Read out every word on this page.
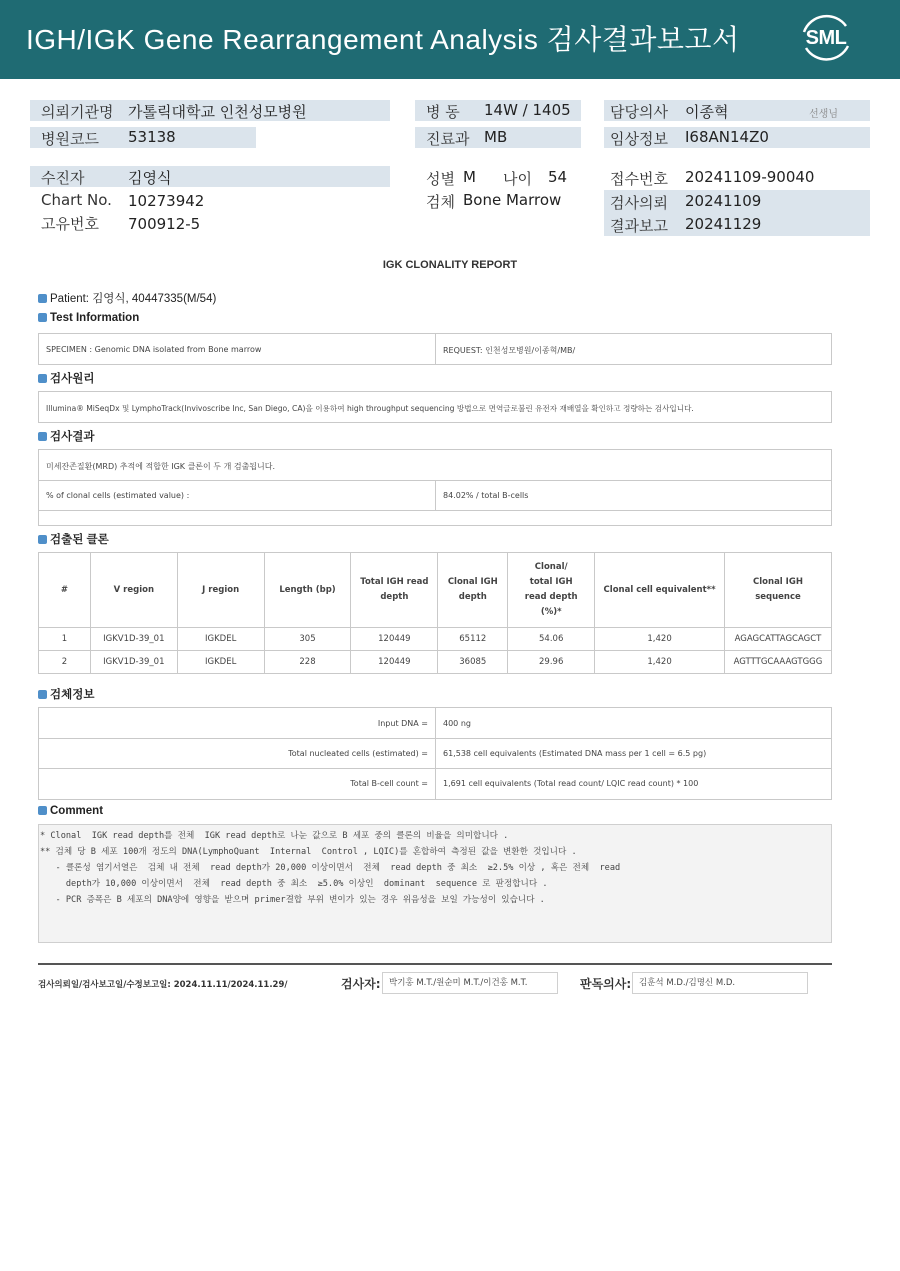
IGH/IGK Gene Rearrangement Analysis 검사결과보고서	SML
의뢰기관명 가톨릭대학교 인천성모병원	병 동 14W / 1405	담당의사 이종혁	선생님
병원코드 53138	진료과 MB	임상정보 I68AN14Z0
수진자	김영식	성별 M 나이 54	접수번호 20241109-90040
Chart No. 10273942	검체 Bone Marrow	검사의뢰 20241109
고유번호 700912-5	결과보고 20241129
IGK CLONALITY REPORT
Patient: 김영식, 40447335(M/54)
Test Information
SPECIMEN : Genomic DNA isolated from Bone marrow	REQUEST: 인천성모병원/이종혁/MB/
검사원리
Illumina® MiSeqDx 및 LymphoTrack(Invivoscribe Inc, San Diego, CA)을 이용하여 high throughput sequencing 방법으로 면역글로불린 유전자 재배열을 확인하고 정량하는 검사입니다.
검사결과
미세잔존질환(MRD) 추적에 적합한 IGK 클론이 두 개 검출됩니다.
% of clonal cells (estimated value) :	84.02% / total B-cells
검출된 클론
#	V region	J region	Length (bp)	Total IGH read depth	Clonal IGH depth	Clonal/ total IGH read depth (%)*	Clonal cell equivalent**	Clonal IGH sequence
1	IGKV1D-39_01	IGKDEL	305	120449	65112	54.06	1,420	AGAGCATTAGCAGCT
2	IGKV1D-39_01	IGKDEL	228	120449	36085	29.96	1,420	AGTTTGCAAAGTGGG
검체정보
Input DNA = 400 ng
Total nucleated cells (estimated) = 61,538 cell equivalents (Estimated DNA mass per 1 cell = 6.5 pg)
Total B-cell count = 1,691 cell equivalents (Total read count/ LQIC read count) * 100
Comment
* Clonal  IGK read depth를 전체  IGK read depth로 나눈 값으로 B 세포 중의 클론의 비율을 의미합니다 .
** 검체 당 B 세포 100개 정도의 DNA(LymphoQuant  Internal  Control , LQIC)를 혼합하여 측정된 값을 변환한 것입니다 .
- 클론성 염기서열은  검체 내 전체  read depth가 20,000 이상이면서  전체  read depth 중 최소  ≥2.5% 이상 , 혹은 전체  read
depth가 10,000 이상이면서  전체  read depth 중 최소  ≥5.0% 이상인  dominant  sequence 로 판정합니다 .
- PCR 증폭은 B 세포의 DNA양에 영향을 받으며 primer결합 부위 변이가 있는 경우 위음성을 보일 가능성이 있습니다 .
검사의뢰일/검사보고일/수정보고일: 2024.11.11/2024.11.29/	검사자: 박기홍 M.T./원순미 M.T./이건홍 M.T.	판독의사: 김훈석 M.D./김명신 M.D.
